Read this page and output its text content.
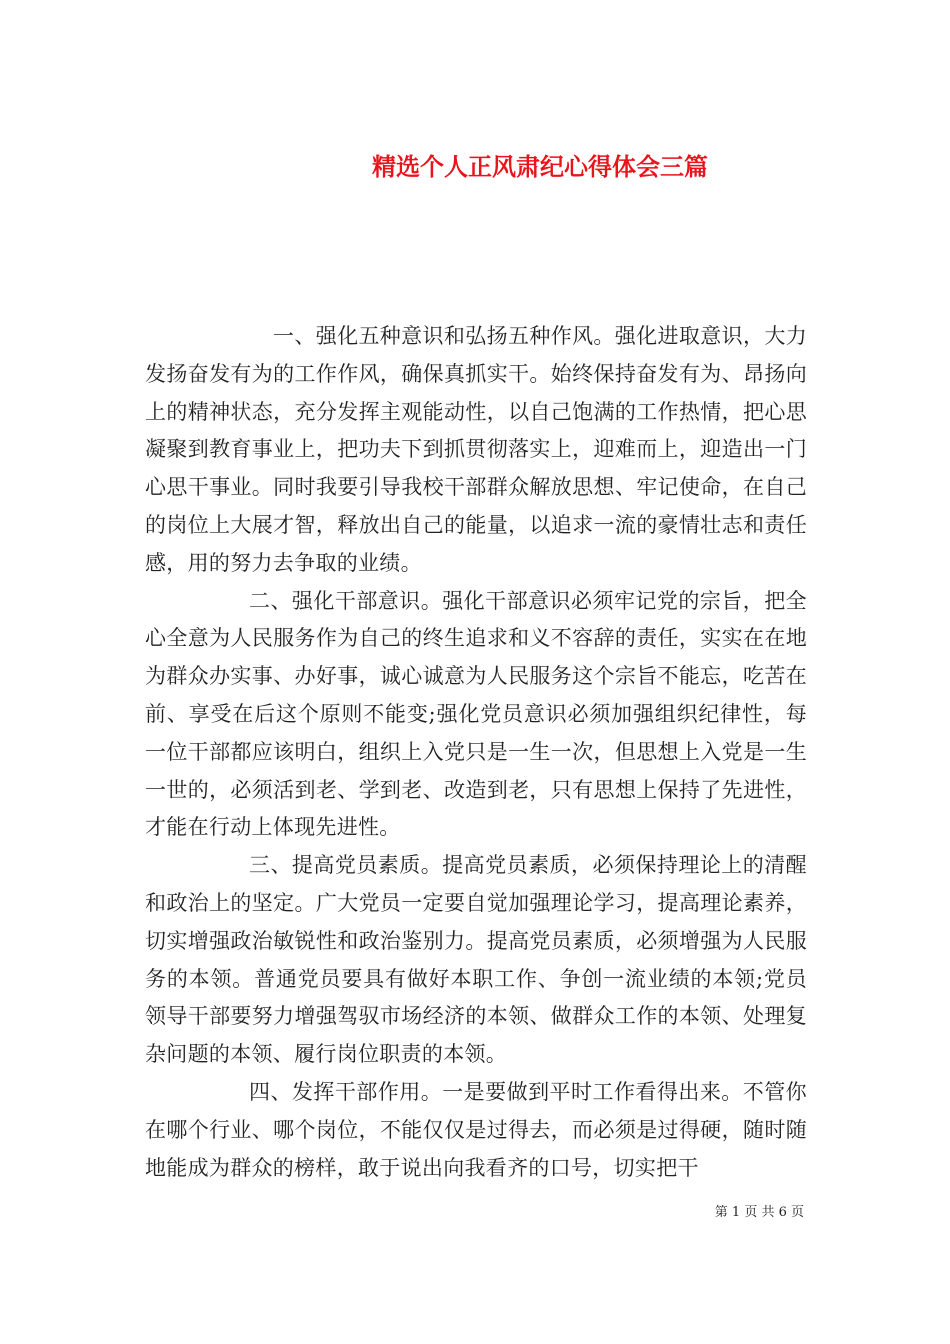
精选个人正风肃纪心得体会三篇

一、强化五种意识和弘扬五种作风。强化进取意识，大力发扬奋发有为的工作作风，确保真抓实干。始终保持奋发有为、昂扬向上的精神状态，充分发挥主观能动性，以自己饱满的工作热情，把心思凝聚到教育事业上，把功夫下到抓贯彻落实上，迎难而上，迎造出一门心思干事业。同时我要引导我校干部群众解放思想、牢记使命，在自己的岗位上大展才智，释放出自己的能量，以追求一流的豪情壮志和责任感，用的努力去争取的业绩。

二、强化干部意识。强化干部意识必须牢记党的宗旨，把全心全意为人民服务作为自己的终生追求和义不容辞的责任，实实在在地为群众办实事、办好事，诚心诚意为人民服务这个宗旨不能忘，吃苦在前、享受在后这个原则不能变;强化党员意识必须加强组织纪律性，每一位干部都应该明白，组织上入党只是一生一次，但思想上入党是一生一世的，必须活到老、学到老、改造到老，只有思想上保持了先进性，才能在行动上体现先进性。

三、提高党员素质。提高党员素质，必须保持理论上的清醒和政治上的坚定。广大党员一定要自觉加强理论学习，提高理论素养，切实增强政治敏锐性和政治鉴别力。提高党员素质，必须增强为人民服务的本领。普通党员要具有做好本职工作、争创一流业绩的本领;党员领导干部要努力增强驾驭市场经济的本领、做群众工作的本领、处理复杂问题的本领、履行岗位职责的本领。

四、发挥干部作用。一是要做到平时工作看得出来。不管你在哪个行业、哪个岗位，不能仅仅是过得去，而必须是过得硬，随时随地能成为群众的榜样，敢于说出向我看齐的口号，切实把干

第 1 页 共 6 页
